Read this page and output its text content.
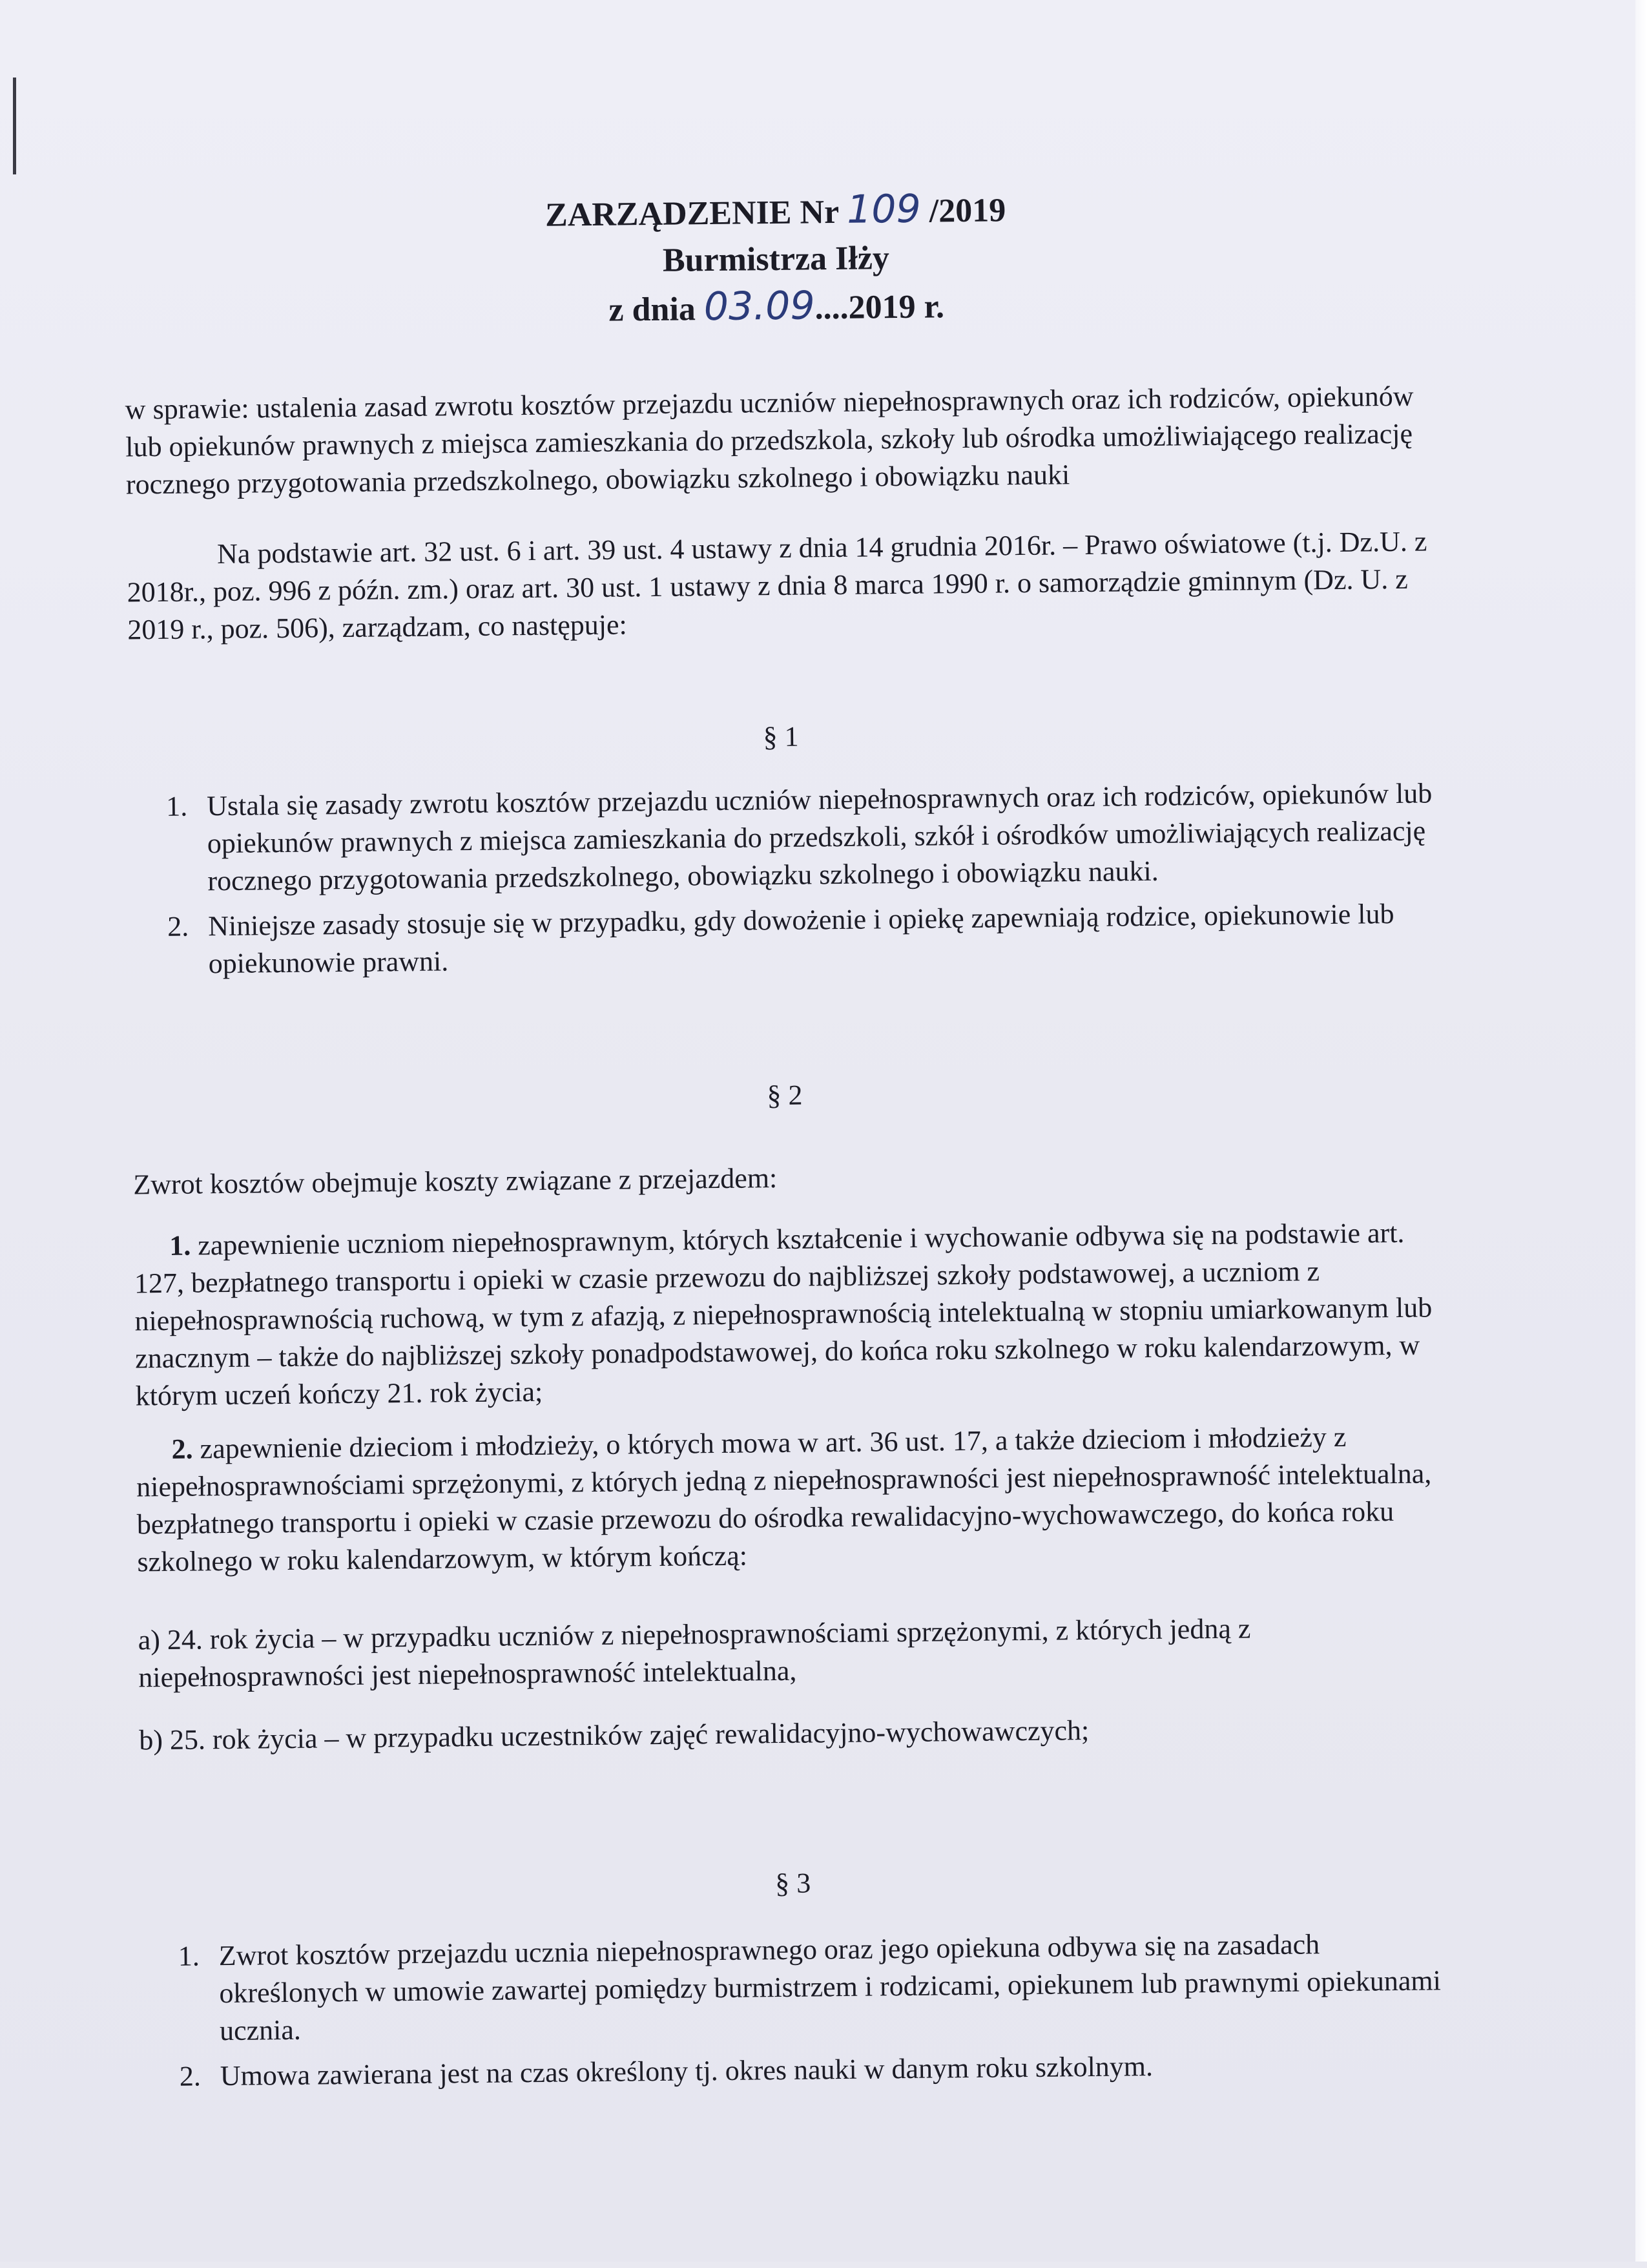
ZARZĄDZENIE Nr 109 /2019
Burmistrza Iłży
z dnia 03.09....2019 r.
w sprawie: ustalenia zasad zwrotu kosztów przejazdu uczniów niepełnosprawnych oraz ich rodziców, opiekunów lub opiekunów prawnych z miejsca zamieszkania do przedszkola, szkoły lub ośrodka umożliwiającego realizację rocznego przygotowania przedszkolnego, obowiązku szkolnego i obowiązku nauki
Na podstawie art. 32 ust. 6 i art. 39 ust. 4 ustawy z dnia 14 grudnia 2016r. – Prawo oświatowe (t.j. Dz.U. z 2018r., poz. 996 z późn. zm.) oraz art. 30 ust. 1 ustawy z dnia 8 marca 1990 r. o samorządzie gminnym (Dz. U. z 2019 r., poz. 506), zarządzam, co następuje:
§ 1
1. Ustala się zasady zwrotu kosztów przejazdu uczniów niepełnosprawnych oraz ich rodziców, opiekunów lub opiekunów prawnych z miejsca zamieszkania do przedszkoli, szkół i ośrodków umożliwiających realizację rocznego przygotowania przedszkolnego, obowiązku szkolnego i obowiązku nauki.
2. Niniejsze zasady stosuje się w przypadku, gdy dowożenie i opiekę zapewniają rodzice, opiekunowie lub opiekunowie prawni.
§ 2
Zwrot kosztów obejmuje koszty związane z przejazdem:
1. zapewnienie uczniom niepełnosprawnym, których kształcenie i wychowanie odbywa się na podstawie art. 127, bezpłatnego transportu i opieki w czasie przewozu do najbliższej szkoły podstawowej, a uczniom z niepełnosprawnością ruchową, w tym z afazją, z niepełnosprawnością intelektualną w stopniu umiarkowanym lub znacznym – także do najbliższej szkoły ponadpodstawowej, do końca roku szkolnego w roku kalendarzowym, w którym uczeń kończy 21. rok życia;
2. zapewnienie dzieciom i młodzieży, o których mowa w art. 36 ust. 17, a także dzieciom i młodzieży z niepełnosprawnościami sprzężonymi, z których jedną z niepełnosprawności jest niepełnosprawność intelektualna, bezpłatnego transportu i opieki w czasie przewozu do ośrodka rewalidacyjno-wychowawczego, do końca roku szkolnego w roku kalendarzowym, w którym kończą:
a) 24. rok życia – w przypadku uczniów z niepełnosprawnościami sprzężonymi, z których jedną z niepełnosprawności jest niepełnosprawność intelektualna,
b) 25. rok życia – w przypadku uczestników zajęć rewalidacyjno-wychowawczych;
§ 3
1. Zwrot kosztów przejazdu ucznia niepełnosprawnego oraz jego opiekuna odbywa się na zasadach określonych w umowie zawartej pomiędzy burmistrzem i rodzicami, opiekunem lub prawnymi opiekunami ucznia.
2. Umowa zawierana jest na czas określony tj. okres nauki w danym roku szkolnym.
